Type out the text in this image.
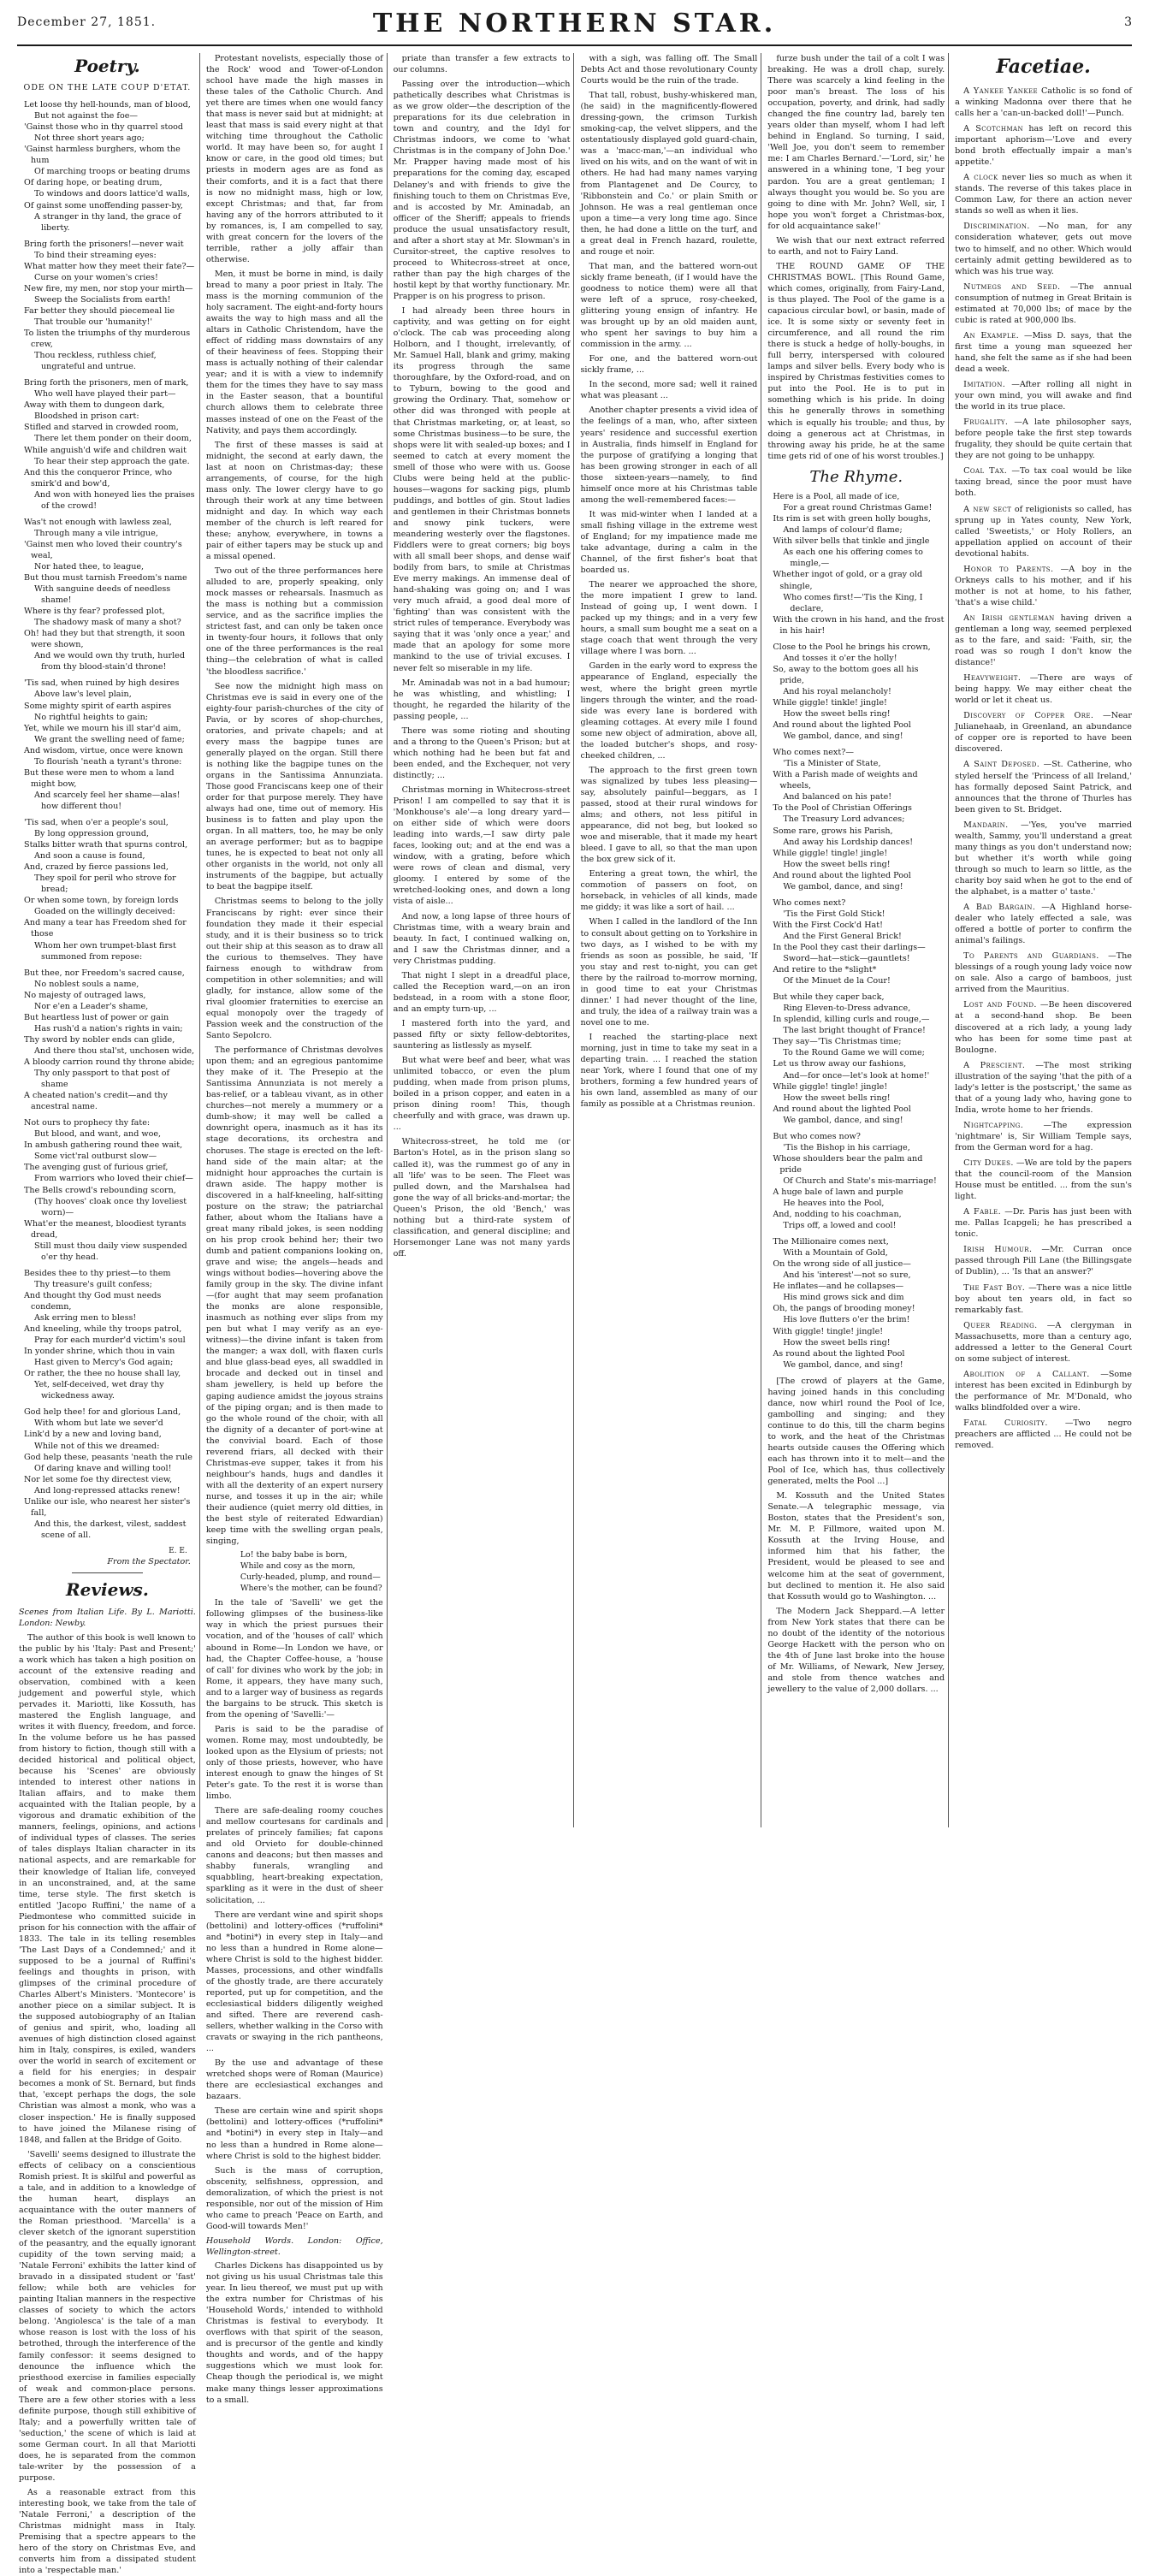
December 27, 1851.	THE NORTHERN STAR.	3
Poetry.
ODE ON THE LATE COUP D'ETAT.
Let loose thy hell-hounds, man of blood,
But not against the foe—
'Gainst those who in thy quarrel stood
Not three short years ago;
'Gainst harmless burghers, whom the hum
Of marching troops or beating drums
Of daring hope, or beating drum,
To windows and doors lattice'd walls,
Of gainst some unoffending passer-by,
A stranger in thy land, the grace of liberty.
Bring forth the prisoners!—never wait
To bind their streaming eyes:
What matter how they meet their fate?—
Curse on your women's cries!
New fire, my men, nor stop your mirth—
Sweep the Socialists from earth!
Far better they should piecemeal lie
That trouble our 'humanity!'
To listen the triumphs of thy murderous crew,
Thou reckless, ruthless chief, ungrateful and untrue.
Bring forth the prisoners, men of mark,
Who well have played their part—
Away with them to dungeon dark,
Bloodshed in prison cart:
Stifled and starved in crowded room,
There let them ponder on their doom,
While anguish'd wife and children wait
To hear their step approach the gate.
And this the conqueror Prince, who smirk'd and bow'd,
And won with honeyed lies the praises of the crowd!
Was't not enough with lawless zeal,
Through many a vile intrigue,
'Gainst men who loved their country's weal,
Nor hated thee, to league,
But thou must tarnish Freedom's name
With sanguine deeds of needless shame!
Where is thy fear? professed plot,
The shadowy mask of many a shot?
Oh! had they but that strength, it soon were shown,
And we would own thy truth, hurled from thy blood-stain'd throne!
'Tis sad, when ruined by high desires
Above law's level plain,
Some mighty spirit of earth aspires
No rightful heights to gain;
Yet, while we mourn his ill star'd aim,
We grant the swelling need of fame;
And wisdom, virtue, once were known
To flourish 'neath a tyrant's throne:
But these were men to whom a land might bow,
And scarcely feel her shame—alas! how different thou!
'Tis sad, when o'er a people's soul,
By long oppression ground,
Stalks bitter wrath that spurns control,
And soon a cause is found,
And, crazed by fierce passions led,
They spoil for peril who strove for bread;
Or when some town, by foreign lords
Goaded on the willingly deceived:
And many a tear has Freedom shed for those
Whom her own trumpet-blast first summoned from repose:
But thee, nor Freedom's sacred cause,
No noblest souls a name,
No majesty of outraged laws,
Nor e'en a Leader's shame,
But heartless lust of power or gain
Has rush'd a nation's rights in vain;
Thy sword by nobler ends can glide,
And there thou stal'st, unchosen wide,
A bloody carrion round thy throne abide;
Thy only passport to that post of shame
A cheated nation's credit—and thy ancestral name.
Not ours to prophecy thy fate:
But blood, and want, and woe,
In ambush gathering round thee wait,
Some vict'ral outburst slow—
The avenging gust of furious grief,
From warriors who loved their chief—
The Bells crowd's rebounding scorn,
(Thy hooves' cloak once thy loveliest worn)—
What'er the meanest, bloodiest tyrants dread,
Still must thou daily view suspended o'er thy head.
Besides thee to thy priest—to them
Thy treasure's guilt confess;
And thought thy God must needs condemn,
Ask erring men to bless!
And kneeling, while thy troops patrol,
Pray for each murder'd victim's soul
In yonder shrine, which thou in vain
Hast given to Mercy's God again;
Or rather, the thee no house shall lay,
Yet, self-deceived, wet dray thy wickedness away.
God help thee! for and glorious Land,
With whom but late we sever'd
Link'd by a new and loving band,
While not of this we dreamed:
God help these, peasants 'neath the rule
Of daring knave and willing tool!
Nor let some foe thy directest view,
And long-repressed attacks renew!
Unlike our isle, who nearest her sister's fall,
And this, the darkest, vilest, saddest scene of all.
E. E.
From the Spectator.
Reviews.
Scenes from Italian Life. By L. Mariotti. London: Newby.

The author of this book is well known to the public by his 'Italy: Past and Present;' a work which has taken a high position on account of the extensive reading and observation, combined with a keen judgement and powerful style, which pervades it. Mariotti, like Kossuth, has mastered the English language, and writes it with fluency, freedom, and force. In the volume before us he has passed from history to fiction, though still with a decided historical and political object, because his 'Scenes' are obviously intended to interest other nations in Italian affairs, and to make them acquainted with the Italian people, by a vigorous and dramatic exhibition of the manners, feelings, opinions, and actions of individual types of classes. The series of tales displays Italian character in its national aspects, and are remarkable for their knowledge of Italian life, conveyed in an unconstrained, and, at the same time, terse style. The first sketch is entitled 'Jacopo Ruffini,' the name of a Piedmontese who committed suicide in prison for his connection with the affair of 1833. The tale in its telling resembles 'The Last Days of a Condemned;' and it supposed to be a journal of Ruffini's feelings and thoughts in prison, with glimpses of the criminal procedure of Charles Albert's Ministers. 'Montecore' is another piece on a similar subject. It is the supposed autobiography of an Italian of genius and spirit, who, loading all avenues of high distinction closed against him in Italy, conspires, is exiled, wanders over the world in search of excitement or a field for his energies; in despair becomes a monk of St. Bernard, but finds that, 'except perhaps the dogs, the sole Christian was almost a monk, who was a closer inspection.' He is finally supposed to have joined the Milanese rising of 1848, and fallen at the Bridge of Goito.

'Savelli' seems designed to illustrate the effects of celibacy on a conscientious Romish priest. It is skilful and powerful as a tale, and in addition to a knowledge of the human heart, displays an acquaintance with the outer manners of the Roman priesthood. 'Marcella' is a clever sketch of the ignorant superstition of the peasantry, and the equally ignorant cupidity of the town serving maid; a 'Natale Ferroni' exhibits the latter kind of bravado in a dissipated student or 'fast' fellow; while both are vehicles for painting Italian manners in the respective classes of society to which the actors belong. 'Angiolesca' is the tale of a man whose reason is lost with the loss of his betrothed, through the interference of the family confessor: it seems designed to denounce the influence which the priesthood exercise in families especially of weak and common-place persons. There are a few other stories with a less definite purpose, though still exhibitive of Italy; and a powerfully written tale of 'seduction,' the scene of which is laid at some German court. In all that Mariotti does, he is separated from the common tale-writer by the possession of a purpose.

As a reasonable extract from this interesting book, we take from the tale of 'Natale Ferroni,' a description of the Christmas midnight mass in Italy. Premising that a spectre appears to the hero of the story on Christmas Eve, and converts him from a dissipated student into a 'respectable man.'

Protestant novelists, especially those of the Rock' wood and Tower-of-London school have made the high masses in these tales of the Catholic Church. And yet there are times when one would fancy that mass is never said but at midnight; at least that mass is said every night at that witching time throughout the Catholic world. It may have been so, for aught I know or care, in the good old times; but priests in modern ages are as fond as their comforts, and it is a fact that there is now no midnight mass, high or low, except Christmas; and that, far from having any of the horrors attributed to it by romances, is, I am compelled to say, with great concern for the lovers of the terrible, rather a jolly affair than otherwise.

Men, it must be borne in mind, is daily bread to many a poor priest in Italy. The mass is the morning communion of the holy sacrament. The eight-and-forty hours awaits the way to high mass and all the altars in Catholic Christendom, have the effect of ridding mass downstairs of any of their heaviness of fees. Stopping their mass is actually nothing of their calendar year; and it is with a view to indemnify them for the times they have to say mass in the Easter season, that a bountiful church allows them to celebrate three masses instead of one on the Feast of the Nativity, and pays them accordingly.

The first of these masses is said at midnight, the second at early dawn, the last at noon on Christmas-day; these arrangements, of course, for the high mass only. The lower clergy have to go through their work at any time between midnight and day. In which way each member of the church is left reared for these; anyhow, everywhere, in towns a pair of either tapers may be stuck up and a missal opened.

Two out of the three performances here alluded to are, properly speaking, only mock masses or rehearsals. Inasmuch as the mass is nothing but a commission service, and as the sacrifice implies the strictest fast, and can only be taken once in twenty-four hours, it follows that only one of the three performances is the real thing—the celebration of what is called 'the bloodless sacrifice.'

See now the midnight high mass on Christmas eve is said in every one of the eighty-four parish-churches of the city of Pavia, or by scores of shop-churches, oratories, and private chapels; and at every mass the bagpipe tunes are generally played on the organ. Still there is nothing like the bagpipe tunes on the organs in the Santissima Annunziata. Those good Franciscans keep one of their order for that purpose merely. They have always had one, time out of memory. His business is to fatten and play upon the organ. In all matters, too, he may be only an average performer; but as to bagpipe tunes, he is expected to beat not only all other organists in the world, not only all instruments of the bagpipe, but actually to beat the bagpipe itself.

Christmas seems to belong to the jolly Franciscans by right: ever since their foundation they made it their especial study, and it is their business so to trick out their ship at this season as to draw all the curious to themselves. They have fairness enough to withdraw from competition in other solemnities; and will gladly, for instance, allow some of the rival gloomier fraternities to exercise an equal monopoly over the tragedy of Passion week and the construction of the Santo Sepolcro.

The performance of Christmas devolves upon them; and an egregious pantomime they make of it. The Presepio at the Santissima Annunziata is not merely a bas-relief, or a tableau vivant, as in other churches—not merely a mummery or a dumb-show; it may well be called a downright opera, inasmuch as it has its stage decorations, its orchestra and choruses. The stage is erected on the left-hand side of the main altar; at the midnight hour approaches the curtain is drawn aside. The happy mother is discovered in a half-kneeling, half-sitting posture on the straw; the patriarchal father, about whom the Italians have a great many ribald jokes, is seen nodding on his prop crook behind her; their two dumb and patient companions looking on, grave and wise; the angels—heads and wings without bodies—hovering above the family group in the sky. The divine infant—(for aught that may seem profanation the monks are alone responsible, inasmuch as nothing ever slips from my pen but what I may verify as an eye-witness)—the divine infant is taken from the manger; a wax doll, with flaxen curls and blue glass-bead eyes, all swaddled in brocade and decked out in tinsel and sham jewellery, is held up before the gaping audience amidst the joyous strains of the piping organ; and is then made to go the whole round of the choir, with all the dignity of a decanter of port-wine at the convivial board. Each of those reverend friars, all decked with their Christmas-eve supper, takes it from his neighbour's hands, hugs and dandles it with all the dexterity of an expert nursery nurse, and tosses it up in the air; while their audience (quiet merry old ditties, in the best style of reiterated Edwardian) keep time with the swelling organ peals, singing,

Lo! the baby babe is born,
While and cosy as the morn,
Curly-headed, plump, and round—
Where's the mother, can be found?

In the tale of 'Savelli' we get the following glimpses of the business-like way in which the priest pursues their vocation, and of the 'houses of call' which abound in Rome—In London we have, or had, the Chapter Coffee-house, a 'house of call' for divines who work by the job; in Rome, it appears, they have many such, and to a larger way of business as regards the bargains to be struck. This sketch is from the opening of 'Savelli:'—

Paris is said to be the paradise of women. Rome may, most undoubtedly, be looked upon as the Elysium of priests; not only of those priests, however, who have interest enough to gnaw the hinges of St Peter's gate. To the rest it is worse than limbo.

There are safe-dealing roomy couches and mellow courtesans for cardinals and prelates of princely families; fat capons and old Orvieto for double-chinned canons and deacons; but then masses and shabby funerals, wrangling and squabbling, heart-breaking expectation, sparkling as it were in the dust of sheer solicitation, ...

There are verdant wine and spirit shops (bettolini) and lottery-offices (*ruffolini* and *botini*) in every step in Italy—and no less than a hundred in Rome alone—where Christ is sold to the highest bidder. Masses, processions, and other windfalls of the ghostly trade, are there accurately reported, put up for competition, and the ecclesiastical bidders diligently weighed and sifted. There are reverend cash-sellers, whether walking in the Corso with cravats or swaying in the rich pantheons, ...

By the use and advantage of these wretched shops were of Roman (Maurice) there are ecclesiastical exchanges and bazaars.

These are certain wine and spirit shops (bettolini) and lottery-offices (*ruffolini* and *botini*) in every step in Italy—and no less than a hundred in Rome alone—where Christ is sold to the highest bidder.

Such is the mass of corruption, obscenity, selfishness, oppression, and demoralization, of which the priest is not responsible, nor out of the mission of Him who came to preach 'Peace on Earth, and Good-will towards Men!'

Household Words. London: Office, Wellington-street.

Charles Dickens has disappointed us by not giving us his usual Christmas tale this year. In lieu thereof, we must put up with the extra number for Christmas of his 'Household Words,' intended to withhold Christmas is festival to everybody. It overflows with that spirit of the season, and is precursor of the gentle and kindly thoughts and words, and of the happy suggestions which we must look for. Cheap though the periodical is, we might make many things lesser approximations to a small.

priate than transfer a few extracts to our columns.

Passing over the introduction—which pathetically describes what Christmas is as we grow older—the description of the preparations for its due celebration in town and country, and the Idyl for Christmas indoors, we come to 'what Christmas is in the company of John Doe.' Mr. Prapper having made most of his preparations for the coming day, escaped Delaney's and with friends to give the finishing touch to them on Christmas Eve, and is accosted by Mr. Aminadab, an officer of the Sheriff; appeals to friends produce the usual unsatisfactory result, and after a short stay at Mr. Slowman's in Cursitor-street, the captive resolves to proceed to Whitecross-street at once, rather than pay the high charges of the hostil kept by that worthy functionary. Mr. Prapper is on his progress to prison.

I had already been three hours in captivity, and was getting on for eight o'clock. The cab was proceeding along Holborn, and I thought, irrelevantly, of Mr. Samuel Hall, blank and grimy, making its progress through the same thoroughfare, by the Oxford-road, and on to Tyburn, bowing to the good and growing the Ordinary. That, somehow or other did was thronged with people at that Christmas marketing, or, at least, so some Christmas business—to be sure, the shops were lit with sealed-up boxes; and I seemed to catch at every moment the smell of those who were with us. Goose Clubs were being held at the public-houses—wagons for sacking pigs, plumb puddings, and bottles of gin. Stout ladies and gentlemen in their Christmas bonnets and snowy pink tuckers, were meandering westerly over the flagstones. Fiddlers were to great corners; big boys with all small beer shops, and dense waif bodily from bars, to smile at Christmas Eve merry makings. An immense deal of hand-shaking was going on; and I was very much afraid, a good deal more of 'fighting' than was consistent with the strict rules of temperance. Everybody was saying that it was 'only once a year,' and made that an apology for some more mankind to the use of trivial excuses. I never felt so miserable in my life.

Mr. Aminadab was not in a bad humour; he was whistling, and whistling; I thought, he regarded the hilarity of the passing people, ...

There was some rioting and shouting and a throng to the Queen's Prison; but at which nothing had he been but fat and been ended, and the Exchequer, not very distinctly; ...

Christmas morning in Whitecross-street Prison! I am compelled to say that it is 'Monkhouse's ale'—a long dreary yard—on either side of which were doors leading into wards,—I saw dirty pale faces, looking out; and at the end was a window, with a grating, before which were rows of clean and dismal, very gloomy. I entered by some of the wretched-looking ones, and down a long vista of aisle...

And now, a long lapse of three hours of Christmas time, with a weary brain and beauty. In fact, I continued walking on, and I saw the Christmas dinner, and a very Christmas pudding.

That night I slept in a dreadful place, called the Reception ward,—on an iron bedstead, in a room with a stone floor, and an empty turn-up, ...

I mastered forth into the yard, and passed fifty or sixty fellow-debtorites, sauntering as listlessly as myself.

But what were beef and beer, what was unlimited tobacco, or even the plum pudding, when made from prison plums, boiled in a prison copper, and eaten in a prison dining room! This, though cheerfully and with grace, was drawn up. ...

Whitecross-street, he told me (or Barton's Hotel, as in the prison slang so called it), was the rummest go of any in all 'life' was to be seen. The Fleet was pulled down, and the Marshalsea had gone the way of all bricks-and-mortar; the Queen's Prison, the old 'Bench,' was nothing but a third-rate system of classification, and general discipline; and Horsemonger Lane was not many yards off.

with a sigh, was falling off. The Small Debts Act and those revolutionary County Courts would be the ruin of the trade.

That tall, robust, bushy-whiskered man, (he said) in the magnificently-flowered dressing-gown, the crimson Turkish smoking-cap, the velvet slippers, and the ostentatiously displayed gold guard-chain, was a 'macc-man,'—an individual who lived on his wits, and on the want of wit in others. He had had many names varying from Plantagenet and De Courcy, to 'Ribbonstein and Co.' or plain Smith or Johnson. He was a real gentleman once upon a time—a very long time ago. Since then, he had done a little on the turf, and a great deal in French hazard, roulette, and rouge et noir.

That man, and the battered worn-out sickly frame beneath, (if I would have the goodness to notice them) were all that were left of a spruce, rosy-cheeked, glittering young ensign of infantry. He was brought up by an old maiden aunt, who spent her savings to buy him a commission in the army. ...

For one, and the battered worn-out sickly frame, ...

In the second, more sad; well it rained what was pleasant ...

Another chapter presents a vivid idea of the feelings of a man, who, after sixteen years' residence and successful exertion in Australia, finds himself in England for the purpose of gratifying a longing that has been growing stronger in each of all those sixteen-years—namely, to find himself once more at his Christmas table among the well-remembered faces:—

It was mid-winter when I landed at a small fishing village in the extreme west of England; for my impatience made me take advantage, during a calm in the Channel, of the first fisher's boat that boarded us.

The nearer we approached the shore, the more impatient I grew to land. Instead of going up, I went down. I packed up my things; and in a very few hours, a small sum bought me a seat on a stage coach that went through the very village where I was born. ...

Garden in the early word to express the appearance of England, especially the west, where the bright green myrtle lingers through the winter, and the road-side was every lane is bordered with gleaming cottages. At every mile I found some new object of admiration, above all, the loaded butcher's shops, and rosy-cheeked children, ...

The approach to the first green town was signalized by tubes less pleasing—say, absolutely painful—beggars, as I passed, stood at their rural windows for alms; and others, not less pitiful in appearance, did not beg, but looked so woe and miserable, that it made my heart bleed. I gave to all, so that the man upon the box grew sick of it.

Entering a great town, the whirl, the commotion of passers on foot, on horseback, in vehicles of all kinds, made me giddy; it was like a sort of hail. ...

When I called in the landlord of the Inn to consult about getting on to Yorkshire in two days, as I wished to be with my friends as soon as possible, he said, 'If you stay and rest to-night, you can get there by the railroad to-morrow morning, in good time to eat your Christmas dinner.' I had never thought of the line, and truly, the idea of a railway train was a novel one to me.

I reached the starting-place next morning, just in time to take my seat in a departing train. ... I reached the station near York, where I found that one of my brothers, forming a few hundred years of his own land, assembled as many of our family as possible at a Christmas reunion.

furze bush under the tail of a colt I was breaking. He was a droll chap, surely. There was scarcely a kind feeling in the poor man's breast. The loss of his occupation, poverty, and drink, had sadly changed the fine country lad, barely ten years older than myself, whom I had left behind in England. So turning, I said, 'Well Joe, you don't seem to remember me: I am Charles Bernard.'—'Lord, sir,' he answered in a whining tone, 'I beg your pardon. You are a great gentleman; I always thought you would be. So you are going to dine with Mr. John? Well, sir, I hope you won't forget a Christmas-box, for old acquaintance sake!'

We wish that our next extract referred to earth, and not to Fairy Land.

THE ROUND GAME OF THE CHRISTMAS BOWL. [This Round Game, which comes, originally, from Fairy-Land, is thus played. The Pool of the game is a capacious circular bowl, or basin, made of ice. It is some sixty or seventy feet in circumference, and all round the rim there is stuck a hedge of holly-boughs, in full berry, interspersed with coloured lamps and silver bells. Every body who is inspired by Christmas festivities comes to put into the Pool. He is to put in something which is his pride. In doing this he generally throws in something which is equally his trouble; and thus, by doing a generous act at Christmas, in throwing away his pride, he at the same time gets rid of one of his worst troubles.]

The Rhyme.
Here is a Pool, all made of ice,
For a great round Christmas Game!
Its rim is set with green holly boughs,
And lamps of colour'd flame;
With silver bells that tinkle and jingle
As each one his offering comes to mingle,—
Whether ingot of gold, or a gray old shingle,
Who comes first!—'Tis the King, I declare,
With the crown in his hand, and the frost in his hair!
Close to the Pool he brings his crown,
And tosses it o'er the holly!
So, away to the bottom goes all his pride,
And his royal melancholy!
While giggle! tinkle! jingle!
How the sweet bells ring!
And round about the lighted Pool
We gambol, dance, and sing!
Who comes next?—
'Tis a Minister of State,
With a Parish made of weights and wheels,
And balanced on his pate!
To the Pool of Christian Offerings
The Treasury Lord advances;
Some rare, grows his Parish,
And away his Lordship dances!
While giggle! tingle! jingle!
How the sweet bells ring!
And round about the lighted Pool
We gambol, dance, and sing!
Who comes next?
'Tis the First Gold Stick!
With the First Cock'd Hat!
And the First General Brick!
In the Pool they cast their darlings—
Sword—hat—stick—gauntlets!
And retire to the *slight*
Of the Minuet de la Cour!
But while they caper back,
Ring Eleven-to-Dress advance,
In splendid, killing curls and rouge,—
The last bright thought of France!
They say—'Tis Christmas time;
To the Round Game we will come;
Let us throw away our fashions,
And—for once—let's look at home!'
While giggle! tingle! jingle!
How the sweet bells ring!
And round about the lighted Pool
We gambol, dance, and sing!
But who comes now?
'Tis the Bishop in his carriage,
Whose shoulders bear the palm and pride
Of Church and State's mis-marriage!
A huge bale of lawn and purple
He heaves into the Pool,
And, nodding to his coachman,
Trips off, a lowed and cool!
The Millionaire comes next,
With a Mountain of Gold,
On the wrong side of all justice—
And his 'interest'—not so sure,
He inflates—and he collapses—
His mind grows sick and dim
Oh, the pangs of brooding money!
His love flutters o'er the brim!
With giggle! tingle! jingle!
How the sweet bells ring!
As round about the lighted Pool
We gambol, dance, and sing!

[The crowd of players at the Game, having joined hands in this concluding dance, now whirl round the Pool of Ice, gambolling and singing; and they continue to do this, till the charm begins to work, and the heat of the Christmas hearts outside causes the Offering which each has thrown into it to melt—and the Pool of Ice, which has, thus collectively generated, melts the Pool ...]

M. Kossuth and the United States Senate.—A telegraphic message, via Boston, states that the President's son, Mr. M. P. Fillmore, waited upon M. Kossuth at the Irving House, and informed him that his father, the President, would be pleased to see and welcome him at the seat of government, but declined to mention it. He also said that Kossuth would go to Washington. ...

The Modern Jack Sheppard.—A letter from New York states that there can be no doubt of the identity of the notorious George Hackett with the person who on the 4th of June last broke into the house of Mr. Williams, of Newark, New Jersey, and stole from thence watches and jewellery to the value of 2,000 dollars. ...

Facetiae.

A Yankee Yankee Catholic is so fond of a winking Madonna over there that he calls her a 'can-un-backed doll!'—Punch.

A Scotchman has left on record this important aphorism—'Love and every bond broth effectually impair a man's appetite.'

A clock never lies so much as when it stands. The reverse of this takes place in Common Law, for there an action never stands so well as when it lies.

Discrimination. —No man, for any consideration whatever, gets out move two to himself, and no other. Which would certainly admit getting bewildered as to which was his true way.

Nutmegs and Seed. —The annual consumption of nutmeg in Great Britain is estimated at 70,000 lbs; of mace by the cubic is rated at 900,000 lbs.

An Example. —Miss D. says, that the first time a young man squeezed her hand, she felt the same as if she had been dead a week.

Imitation. —After rolling all night in your own mind, you will awake and find the world in its true place.

Frugality. —A late philosopher says, before people take the first step towards frugality, they should be quite certain that they are not going to be unhappy.

Coal Tax. —To tax coal would be like taxing bread, since the poor must have both.

A new sect of religionists so called, has sprung up in Yates county, New York, called 'Sweetists,' or Holy Rollers, an appellation applied on account of their devotional habits.

Honor to Parents. —A boy in the Orkneys calls to his mother, and if his mother is not at home, to his father, 'that's a wise child.'

An Irish gentleman having driven a gentleman a long way, seemed perplexed as to the fare, and said: 'Faith, sir, the road was so rough I don't know the distance!'

Heavyweight. —There are ways of being happy. We may either cheat the world or let it cheat us.

Discovery of Copper Ore. —Near Julianehaab, in Greenland, an abundance of copper ore is reported to have been discovered.

A Saint Deposed. —St. Catherine, who styled herself the 'Princess of all Ireland,' has formally deposed Saint Patrick, and announces that the throne of Thurles has been given to St. Bridget.

Mandarin. —'Yes, you've married wealth, Sammy, you'll understand a great many things as you don't understand now; but whether it's worth while going through so much to learn so little, as the charity boy said when he got to the end of the alphabet, is a matter o' taste.'

A Bad Bargain. —A Highland horse-dealer who lately effected a sale, was offered a bottle of porter to confirm the animal's failings.

To Parents and Guardians. —The blessings of a rough young lady voice now on sale. Also a cargo of bamboos, just arrived from the Mauritius.

Lost and Found. —Be heen discovered at a second-hand shop. Be been discovered at a rich lady, a young lady who has been for some time past at Boulogne.

A Prescient. —The most striking illustration of the saying 'that the pith of a lady's letter is the postscript,' the same as that of a young lady who, having gone to India, wrote home to her friends.

Nightcapping. —The expression 'nightmare' is, Sir William Temple says, from the German word for a hag.

City Dukes. —We are told by the papers that the council-room of the Mansion House must be entitled. ... from the sun's light.

A Fable. —Dr. Paris has just been with me. Pallas Icapgeli; he has prescribed a tonic.

Irish Humour. —Mr. Curran once passed through Pill Lane (the Billingsgate of Dublin), ... 'Is that an answer?'

The Fast Boy. —There was a nice little boy about ten years old, in fact so remarkably fast.

Queer Reading. —A clergyman in Massachusetts, more than a century ago, addressed a letter to the General Court on some subject of interest.

Abolition of a Callant. —Some interest has been excited in Edinburgh by the performance of Mr. M'Donald, who walks blindfolded over a wire.

Fatal Curiosity. —Two negro preachers are afflicted ... He could not be removed.
